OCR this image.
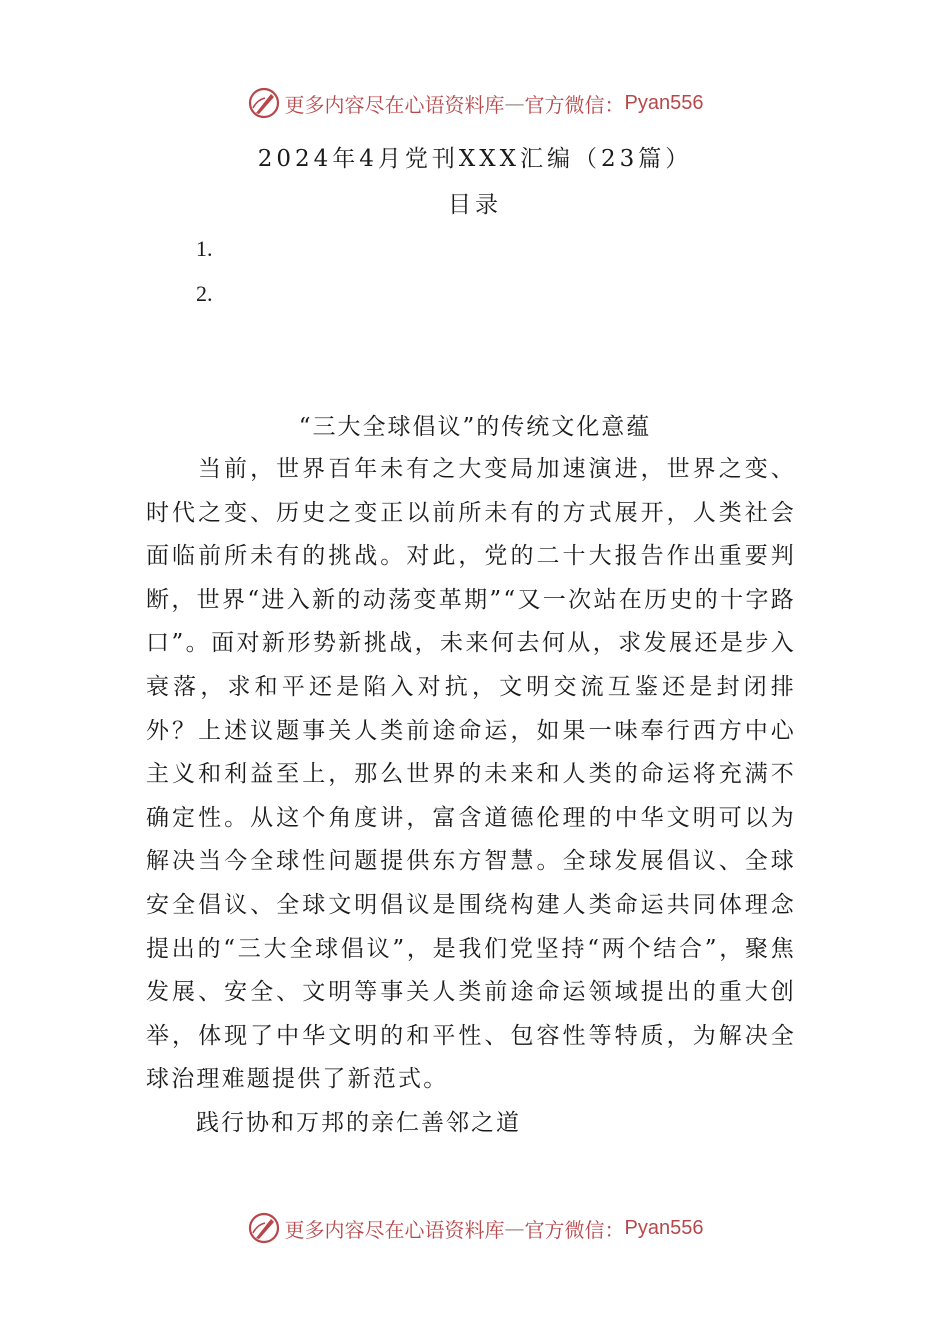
更多内容尽在心语资料库 — 官方微信： Pyan556
2024年4月党刊XXX汇编（23篇）
目录
1.
2.
“三大全球倡议”的传统文化意蕴

当前，世界百年未有之大变局加速演进，世界之变、时代之变、历史之变正以前所未有的方式展开，人类社会面临前所未有的挑战。对此，党的二十大报告作出重要判断，世界“进入新的动荡变革期”“又一次站在历史的十字路口”。面对新形势新挑战，未来何去何从，求发展还是步入衰落，求和平还是陷入对抗，文明交流互鉴还是封闭排外？上述议题事关人类前途命运，如果一味奉行西方中心主义和利益至上，那么世界的未来和人类的命运将充满不确定性。从这个角度讲，富含道德伦理的中华文明可以为解决当今全球性问题提供东方智慧。全球发展倡议、全球安全倡议、全球文明倡议是围绕构建人类命运共同体理念提出的“三大全球倡议”，是我们党坚持“两个结合”，聚焦发展、安全、文明等事关人类前途命运领域提出的重大创举，体现了中华文明的和平性、包容性等特质，为解决全球治理难题提供了新范式。

践行协和万邦的亲仁善邻之道
更多内容尽在心语资料库 — 官方微信： Pyan556
